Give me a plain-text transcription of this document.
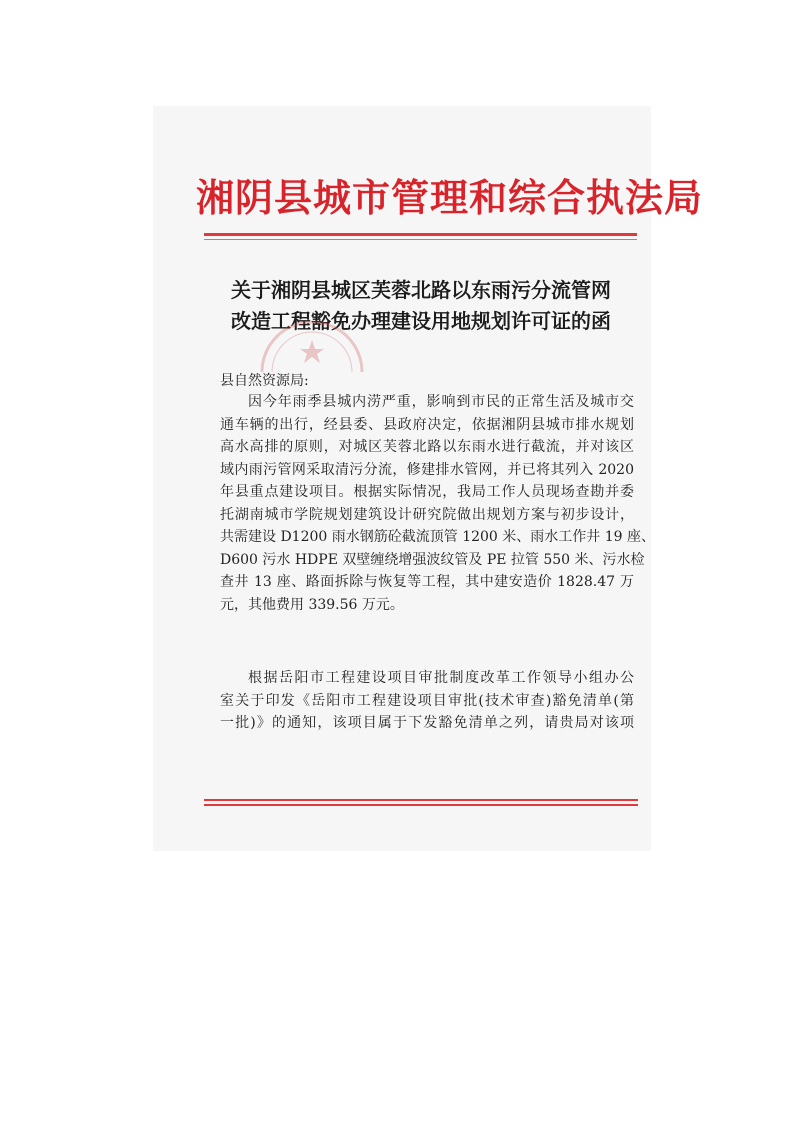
湘阴县城市管理和综合执法局
关于湘阴县城区芙蓉北路以东雨污分流管网
改造工程豁免办理建设用地规划许可证的函
县自然资源局:
因今年雨季县城内涝严重，影响到市民的正常生活及城市交
通车辆的出行，经县委、县政府决定，依据湘阴县城市排水规划
高水高排的原则，对城区芙蓉北路以东雨水进行截流，并对该区
域内雨污管网采取清污分流，修建排水管网，并已将其列入 2020
年县重点建设项目。根据实际情况，我局工作人员现场查勘并委
托湖南城市学院规划建筑设计研究院做出规划方案与初步设计，
共需建设 D1200 雨水钢筋砼截流顶管 1200 米、雨水工作井 19 座、
D600 污水 HDPE 双壁缠绕增强波纹管及 PE 拉管 550 米、污水检
查井 13 座、路面拆除与恢复等工程，其中建安造价 1828.47 万
元，其他费用 339.56 万元。
根据岳阳市工程建设项目审批制度改革工作领导小组办公
室关于印发《岳阳市工程建设项目审批(技术审查)豁免清单(第
一批)》的通知，该项目属于下发豁免清单之列，请贵局对该项
